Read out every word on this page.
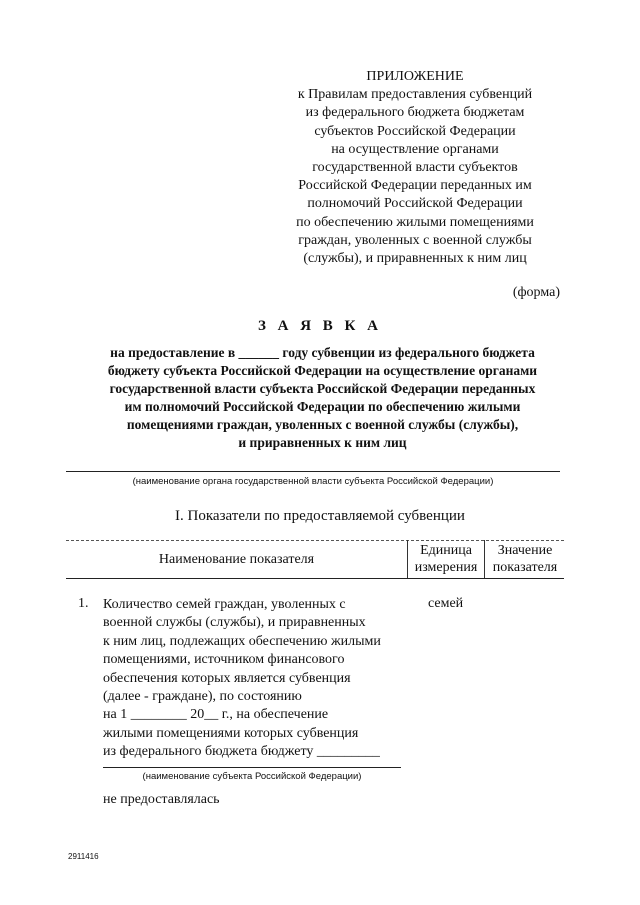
ПРИЛОЖЕНИЕ
к Правилам предоставления субвенций
из федерального бюджета бюджетам
субъектов Российской Федерации
на осуществление органами
государственной власти субъектов
Российской Федерации переданных им
полномочий Российской Федерации
по обеспечению жилыми помещениями
граждан, уволенных с военной службы
(службы), и приравненных к ним лиц
(форма)
З А Я В К А
на предоставление в ______ году субвенции из федерального бюджета
бюджету субъекта Российской Федерации на осуществление органами
государственной власти субъекта Российской Федерации переданных
им полномочий Российской Федерации по обеспечению жилыми
помещениями граждан, уволенных с военной службы (службы),
и приравненных к ним лиц
(наименование органа государственной власти субъекта Российской Федерации)
I. Показатели по предоставляемой субвенции
Наименование показателя
Единица
измерения
Значение
показателя
1. Количество семей граждан, уволенных с
военной службы (службы), и приравненных
к ним лиц, подлежащих обеспечению жилыми
помещениями, источником финансового
обеспечения которых является субвенция
(далее - граждане), по состоянию
на 1 ________ 20__ г., на обеспечение
жилыми помещениями которых субвенция
из федерального бюджета бюджету _________
семей
(наименование субъекта Российской Федерации)
не предоставлялась
2911416
